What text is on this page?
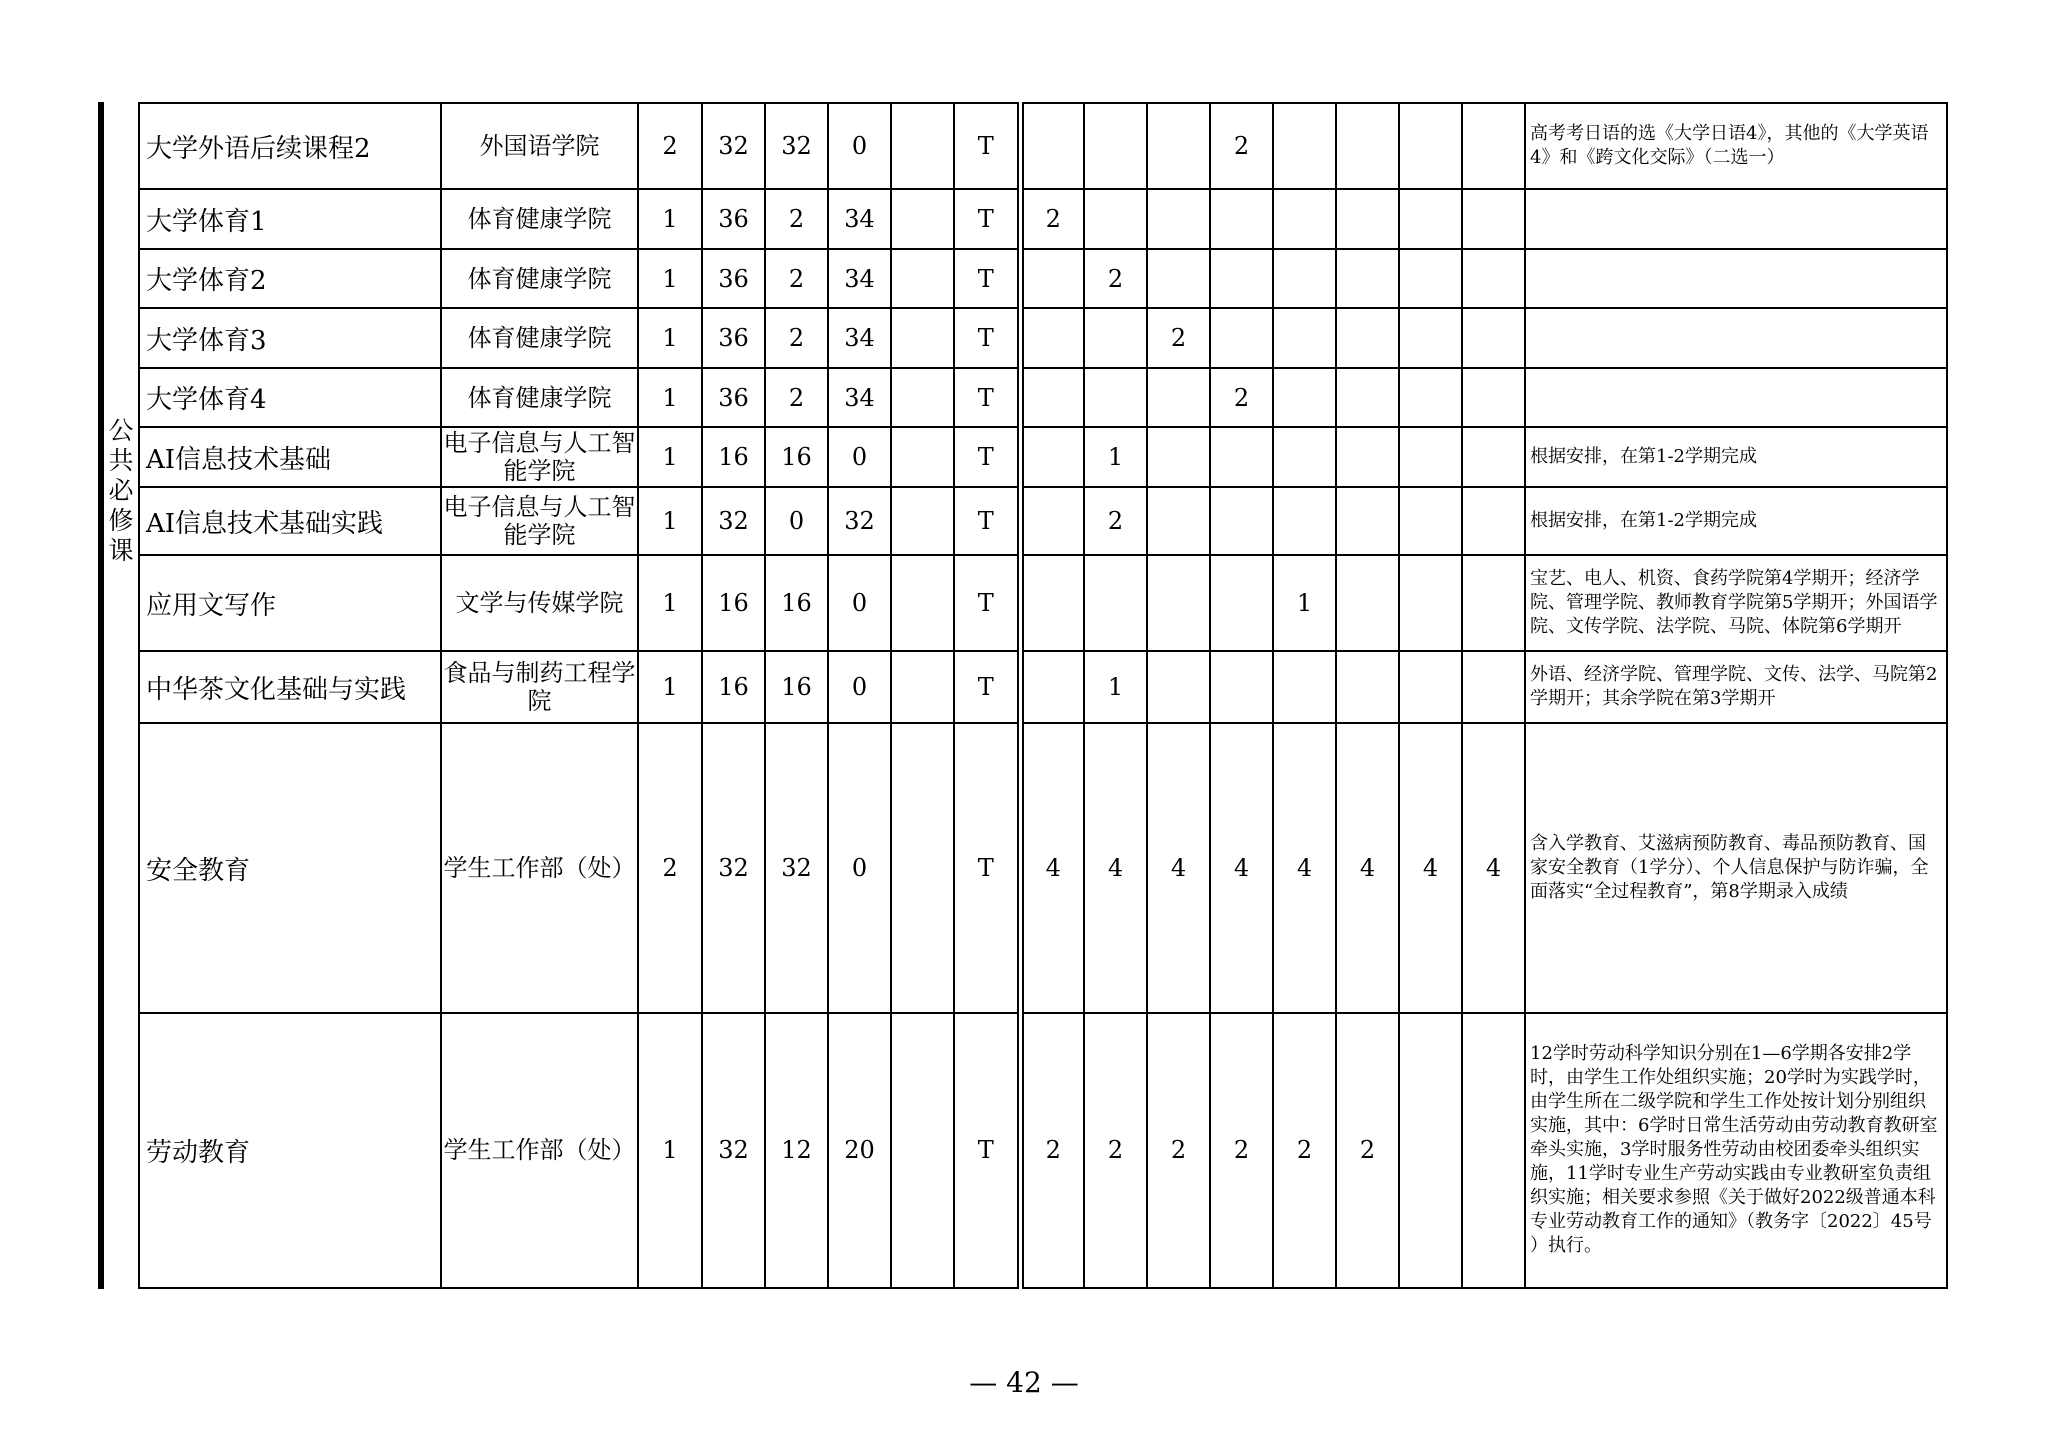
公共必修课
大学外语后续课程2	外国语学院	2	32	32	0		T				2					高考考日语的选《大学日语4》，其他的《大学英语4》和《跨文化交际》（二选一）

大学体育1	体育健康学院	1	36	2	34		T	2								

大学体育2	体育健康学院	1	36	2	34		T		2							

大学体育3	体育健康学院	1	36	2	34		T			2						

大学体育4	体育健康学院	1	36	2	34		T				2					

AI信息技术基础	电子信息与人工智能学院	1	16	16	0		T		1							根据安排，在第1-2学期完成

AI信息技术基础实践	电子信息与人工智能学院	1	32	0	32		T		2							根据安排，在第1-2学期完成

应用文写作	文学与传媒学院	1	16	16	0		T					1				宝艺、电人、机资、食药学院第4学期开；经济学院、管理学院、教师教育学院第5学期开；外国语学院、文传学院、法学院、马院、体院第6学期开

中华茶文化基础与实践	食品与制药工程学院	1	16	16	0		T		1							外语、经济学院、管理学院、文传、法学、马院第2学期开；其余学院在第3学期开

安全教育	学生工作部（处）	2	32	32	0		T	4	4	4	4	4	4	4	4	含入学教育、艾滋病预防教育、毒品预防教育、国家安全教育（1学分）、个人信息保护与防诈骗，全面落实“全过程教育”，第8学期录入成绩

劳动教育	学生工作部（处）	1	32	12	20		T	2	2	2	2	2	2			12学时劳动科学知识分别在1—6学期各安排2学时，由学生工作处组织实施；20学时为实践学时，由学生所在二级学院和学生工作处按计划分别组织实施，其中：6学时日常生活劳动由劳动教育教研室牵头实施，3学时服务性劳动由校团委牵头组织实施，11学时专业生产劳动实践由专业教研室负责组织实施；相关要求参照《关于做好2022级普通本科专业劳动教育工作的通知》（教务字〔2022〕45号 ）执行。
— 42 —
